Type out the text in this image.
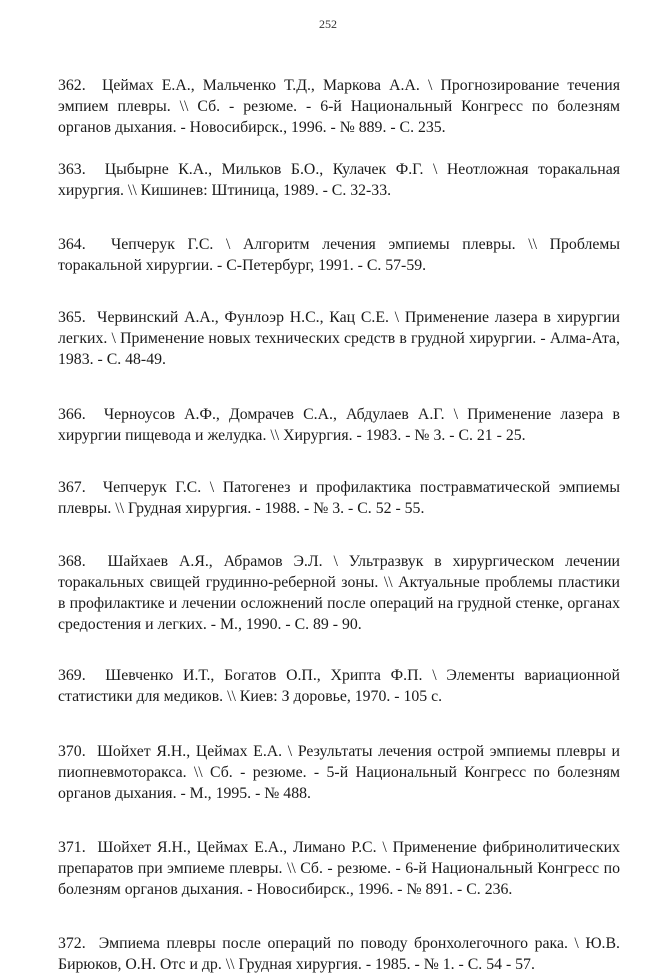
252

362. Цеймах Е.А., Мальченко Т.Д., Маркова А.А. \ Прогнозирование течения эмпием плевры. \\ Сб. - резюме. - 6-й Национальный Конгресс по болезням органов дыхания. - Новосибирск., 1996. - № 889. - С. 235.

363. Цыбырне К.А., Мильков Б.О., Кулачек Ф.Г. \ Неотложная торакальная хирургия. \\ Кишинев: Штиница, 1989. - С. 32-33.

364. Чепчерук Г.С. \ Алгоритм лечения эмпиемы плевры. \\ Проблемы торакальной хирургии. - С-Петербург, 1991. - С. 57-59.

365. Червинский А.А., Фунлоэр Н.С., Кац С.Е. \ Применение лазера в хирургии легких. \ Применение новых технических средств в грудной хирургии. - Алма-Ата, 1983. - С. 48-49.

366. Черноусов А.Ф., Домрачев С.А., Абдулаев А.Г. \ Применение лазера в хирургии пищевода и желудка. \\ Хирургия. - 1983. - № 3. - С. 21 - 25.

367. Чепчерук Г.С. \ Патогенез и профилактика постравматической эмпиемы плевры. \\ Грудная хирургия. - 1988. - № 3. - С. 52 - 55.

368. Шайхаев А.Я., Абрамов Э.Л. \ Ультразвук в хирургическом лечении торакальных свищей грудинно-реберной зоны. \\ Актуальные проблемы пластики в профилактике и лечении осложнений после операций на грудной стенке, органах средостения и легких. - М., 1990. - С. 89 - 90.

369. Шевченко И.Т., Богатов О.П., Хрипта Ф.П. \ Элементы вариационной статистики для медиков. \\ Киев: З доровье, 1970. - 105 с.

370. Шойхет Я.Н., Цеймах Е.А. \ Результаты лечения острой эмпиемы плевры и пиопневмоторакса. \\ Сб. - резюме. - 5-й Национальный Конгресс по болезням органов дыхания. - М., 1995. - № 488.

371. Шойхет Я.Н., Цеймах Е.А., Лимано Р.С. \ Применение фибринолитических препаратов при эмпиеме плевры. \\ Сб. - резюме. - 6-й Национальный Конгресс по болезням органов дыхания. - Новосибирск., 1996. - № 891. - С. 236.

372. Эмпиема плевры после операций по поводу бронхолегочного рака. \ Ю.В. Бирюков, О.Н. Отс и др. \\ Грудная хирургия. - 1985. - № 1. - С. 54 - 57.
